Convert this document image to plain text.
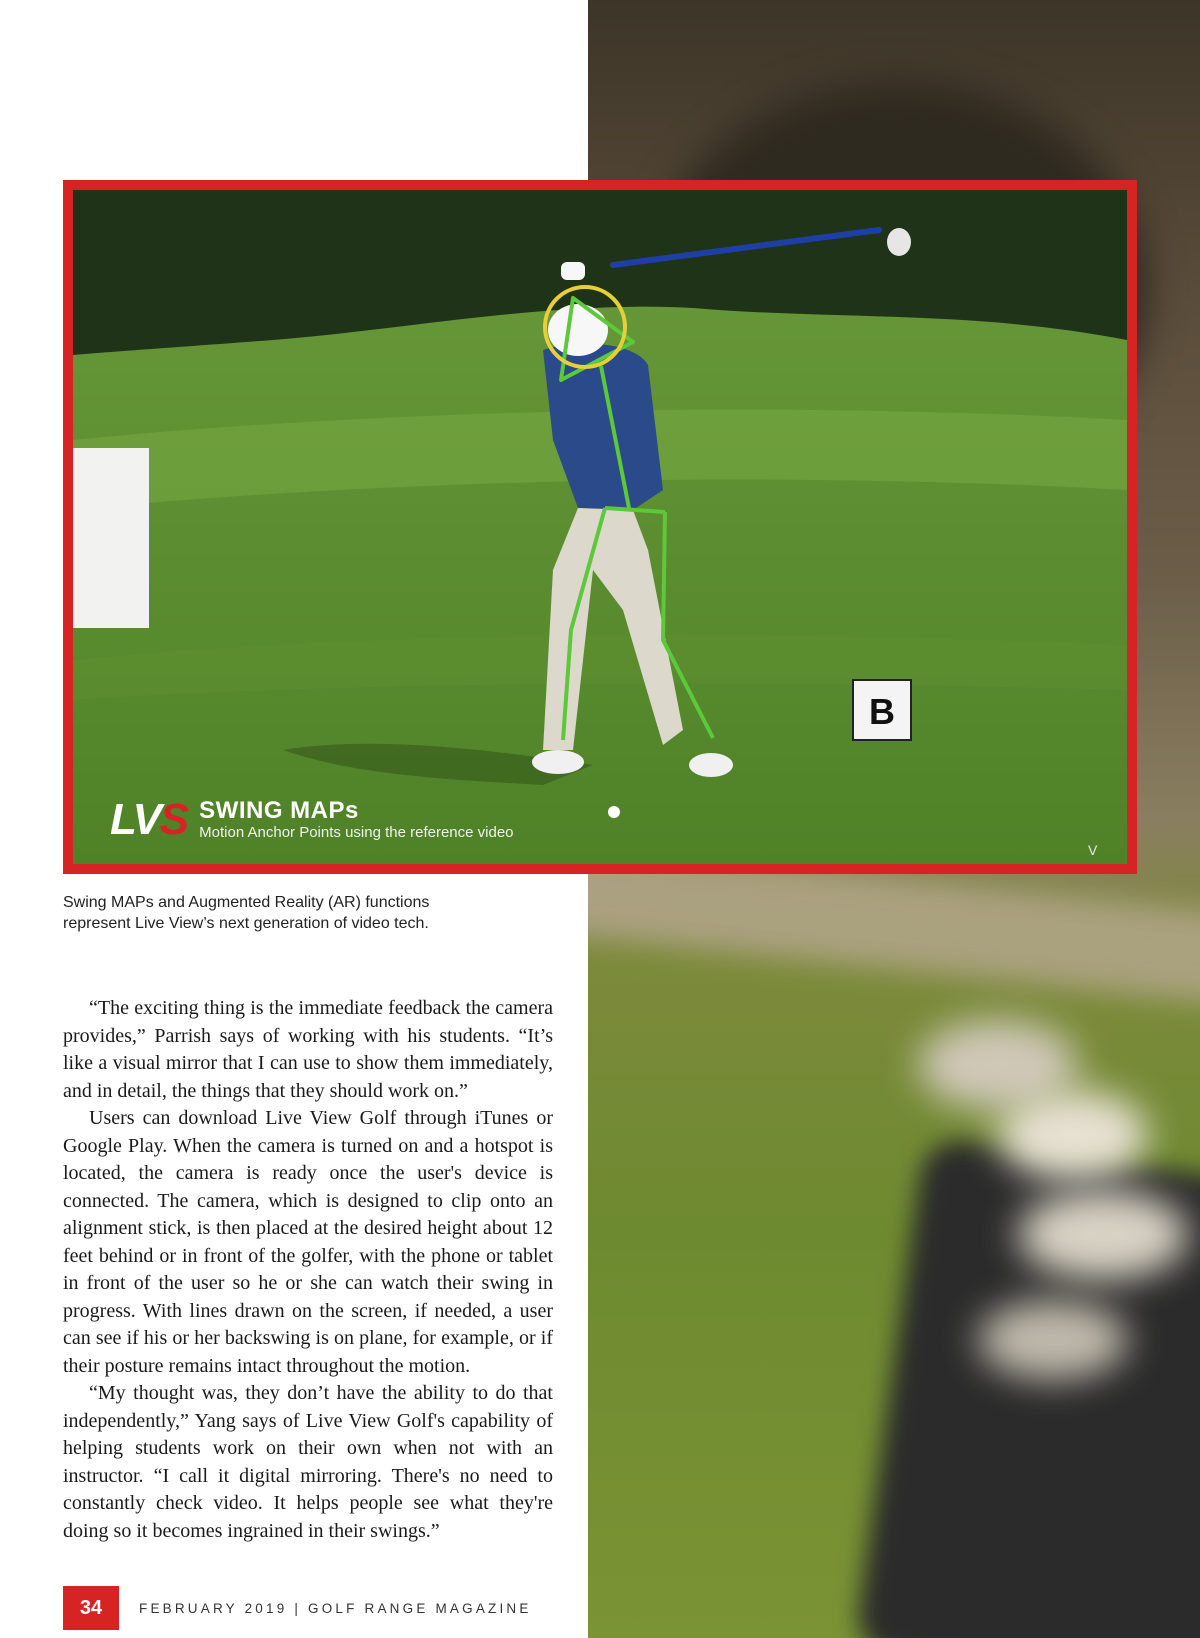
B
LVS SWING MAPs
Motion Anchor Points using the reference video
V
Swing MAPs and Augmented Reality (AR) functions
represent Live View’s next generation of video tech.

“The exciting thing is the immediate feedback the camera provides,” Parrish says of working with his students. “It’s like a visual mirror that I can use to show them immediately, and in detail, the things that they should work on.”

Users can download Live View Golf through iTunes or Google Play. When the camera is turned on and a hotspot is located, the camera is ready once the user's device is connected. The camera, which is designed to clip onto an alignment stick, is then placed at the desired height about 12 feet behind or in front of the golfer, with the phone or tablet in front of the user so he or she can watch their swing in progress. With lines drawn on the screen, if needed, a user can see if his or her backswing is on plane, for example, or if their posture remains intact throughout the motion.

“My thought was, they don’t have the ability to do that independently,” Yang says of Live View Golf's capability of helping students work on their own when not with an instructor. “I call it digital mirroring. There's no need to constantly check video. It helps people see what they're doing so it becomes ingrained in their swings.”

34	FEBRUARY 2019 | GOLF RANGE MAGAZINE
